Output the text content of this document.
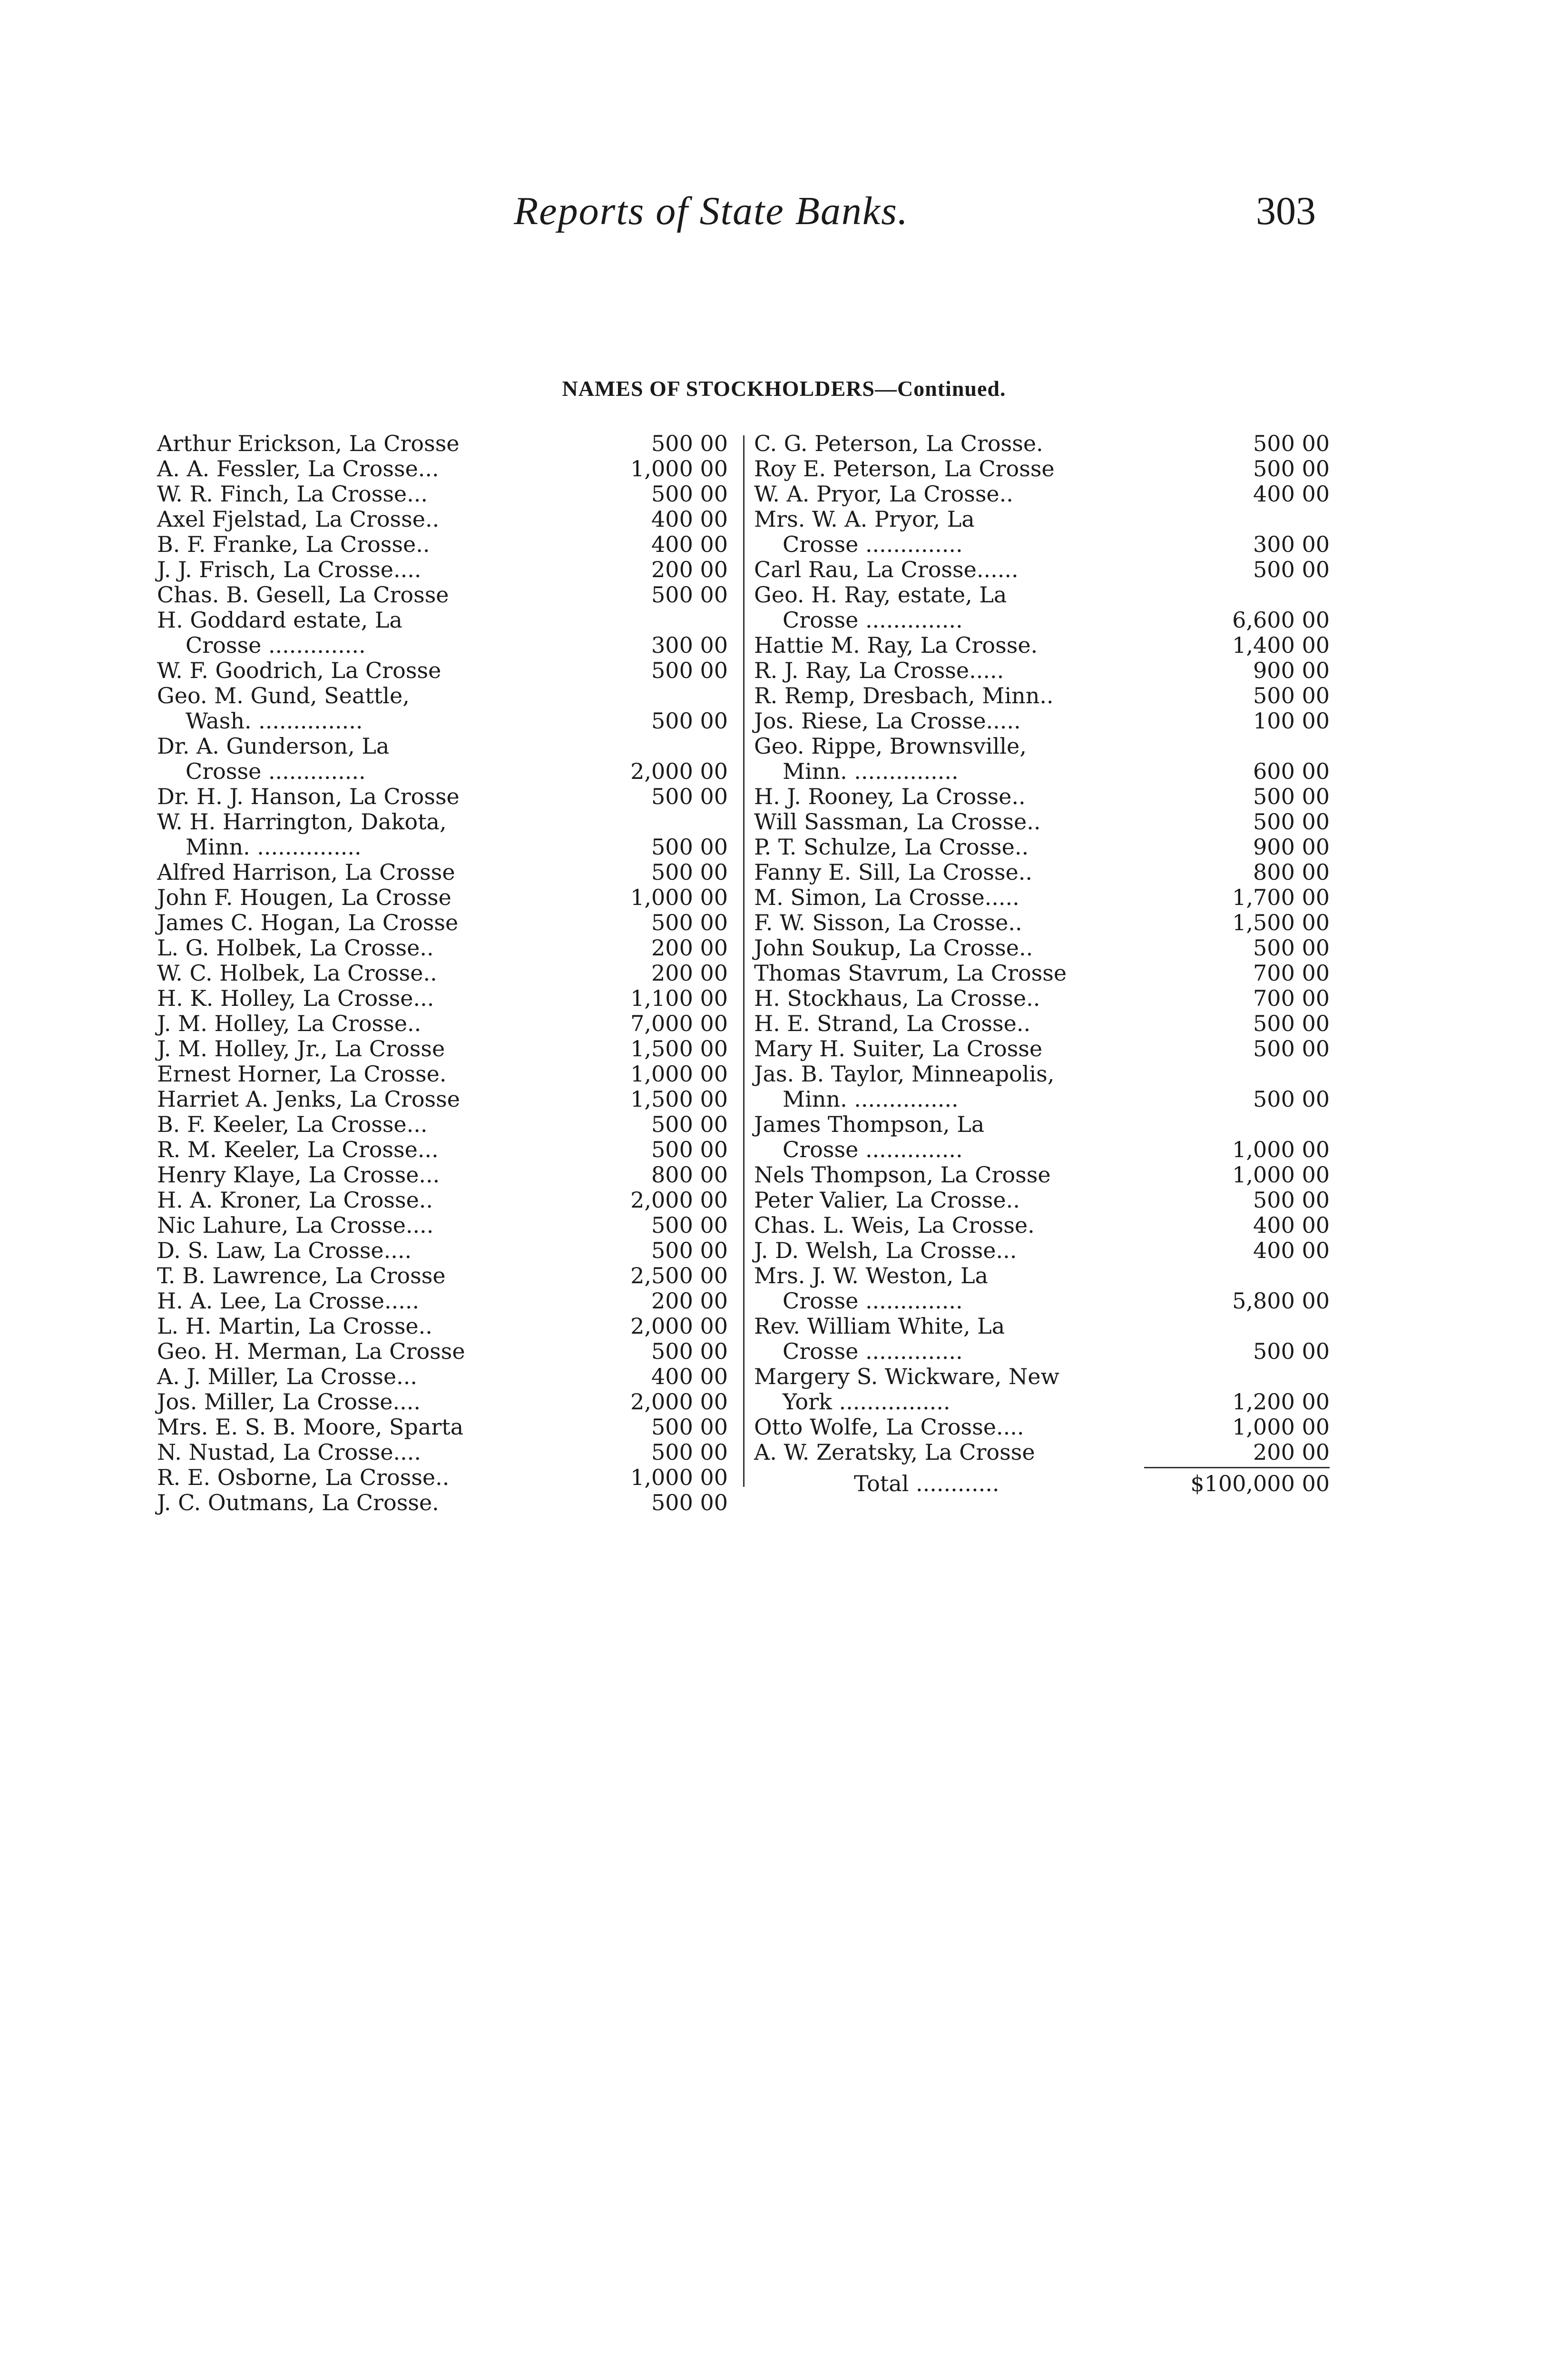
Reports of State Banks.	303
NAMES OF STOCKHOLDERS—Continued.
Arthur Erickson, La Crosse	500 00
A. A. Fessler, La Crosse...	1,000 00
W. R. Finch, La Crosse...	500 00
Axel Fjelstad, La Crosse..	400 00
B. F. Franke, La Crosse..	400 00
J. J. Frisch, La Crosse....	200 00
Chas. B. Gesell, La Crosse	500 00
H. Goddard estate, La
Crosse ..............	300 00
W. F. Goodrich, La Crosse	500 00
Geo. M. Gund, Seattle,
Wash. ...............	500 00
Dr. A. Gunderson, La
Crosse ..............	2,000 00
Dr. H. J. Hanson, La Crosse	500 00
W. H. Harrington, Dakota,
Minn. ...............	500 00
Alfred Harrison, La Crosse	500 00
John F. Hougen, La Crosse	1,000 00
James C. Hogan, La Crosse	500 00
L. G. Holbek, La Crosse..	200 00
W. C. Holbek, La Crosse..	200 00
H. K. Holley, La Crosse...	1,100 00
J. M. Holley, La Crosse..	7,000 00
J. M. Holley, Jr., La Crosse	1,500 00
Ernest Horner, La Crosse.	1,000 00
Harriet A. Jenks, La Crosse	1,500 00
B. F. Keeler, La Crosse...	500 00
R. M. Keeler, La Crosse...	500 00
Henry Klaye, La Crosse...	800 00
H. A. Kroner, La Crosse..	2,000 00
Nic Lahure, La Crosse....	500 00
D. S. Law, La Crosse....	500 00
T. B. Lawrence, La Crosse	2,500 00
H. A. Lee, La Crosse.....	200 00
L. H. Martin, La Crosse..	2,000 00
Geo. H. Merman, La Crosse	500 00
A. J. Miller, La Crosse...	400 00
Jos. Miller, La Crosse....	2,000 00
Mrs. E. S. B. Moore, Sparta	500 00
N. Nustad, La Crosse....	500 00
R. E. Osborne, La Crosse..	1,000 00
J. C. Outmans, La Crosse.	500 00
C. G. Peterson, La Crosse.	500 00
Roy E. Peterson, La Crosse	500 00
W. A. Pryor, La Crosse..	400 00
Mrs. W. A. Pryor, La
Crosse ..............	300 00
Carl Rau, La Crosse......	500 00
Geo. H. Ray, estate, La
Crosse ..............	6,600 00
Hattie M. Ray, La Crosse.	1,400 00
R. J. Ray, La Crosse.....	900 00
R. Remp, Dresbach, Minn..	500 00
Jos. Riese, La Crosse.....	100 00
Geo. Rippe, Brownsville,
Minn. ...............	600 00
H. J. Rooney, La Crosse..	500 00
Will Sassman, La Crosse..	500 00
P. T. Schulze, La Crosse..	900 00
Fanny E. Sill, La Crosse..	800 00
M. Simon, La Crosse.....	1,700 00
F. W. Sisson, La Crosse..	1,500 00
John Soukup, La Crosse..	500 00
Thomas Stavrum, La Crosse	700 00
H. Stockhaus, La Crosse..	700 00
H. E. Strand, La Crosse..	500 00
Mary H. Suiter, La Crosse	500 00
Jas. B. Taylor, Minneapolis,
Minn. ...............	500 00
James Thompson, La
Crosse ..............	1,000 00
Nels Thompson, La Crosse	1,000 00
Peter Valier, La Crosse..	500 00
Chas. L. Weis, La Crosse.	400 00
J. D. Welsh, La Crosse...	400 00
Mrs. J. W. Weston, La
Crosse ..............	5,800 00
Rev. William White, La
Crosse ..............	500 00
Margery S. Wickware, New
York ................	1,200 00
Otto Wolfe, La Crosse....	1,000 00
A. W. Zeratsky, La Crosse	200 00
Total ............	$100,000 00
